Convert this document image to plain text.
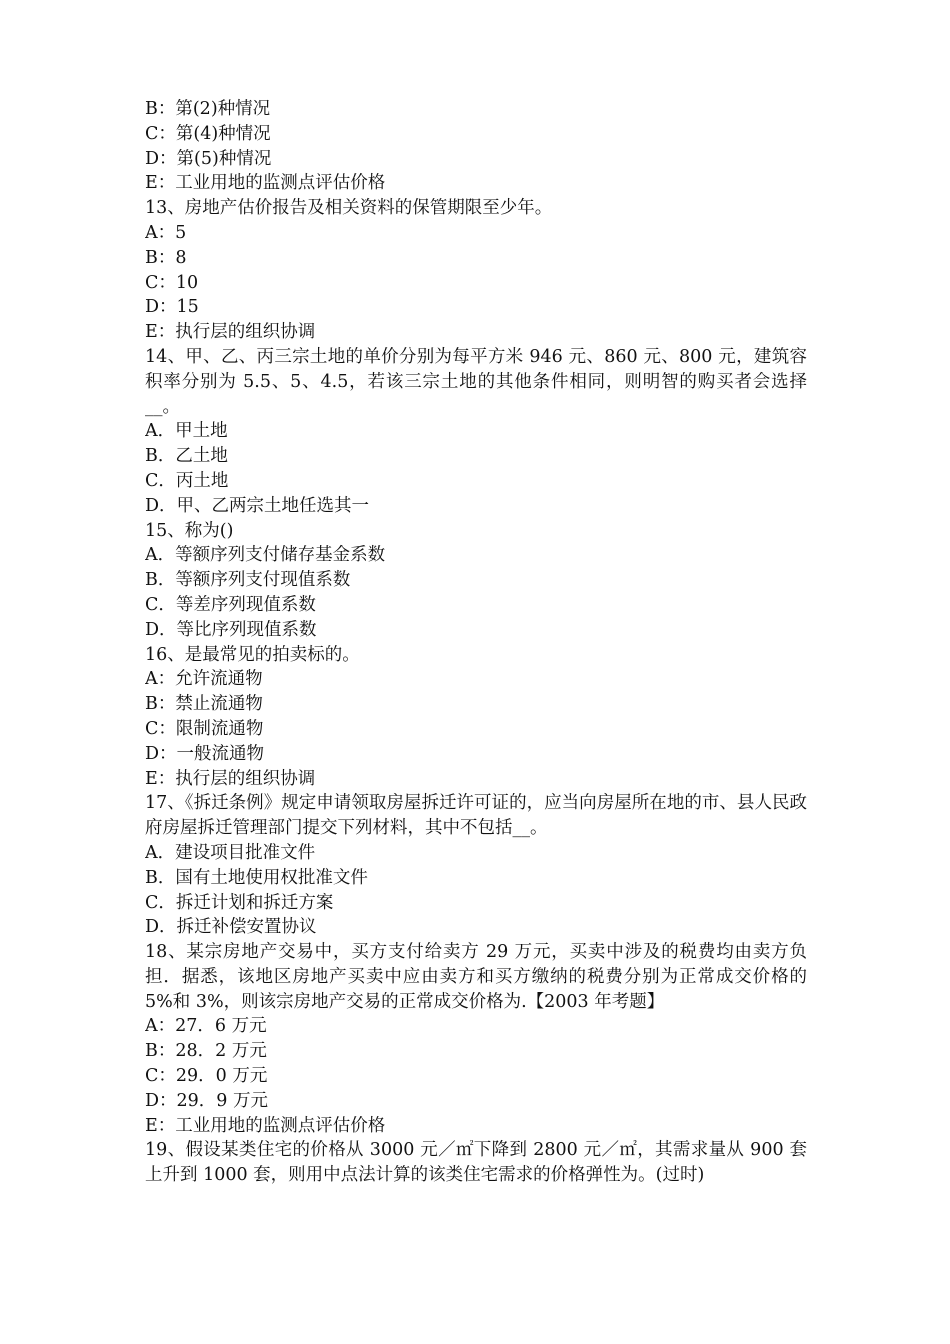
B：第(2)种情况
C：第(4)种情况
D：第(5)种情况
E：工业用地的监测点评估价格
13、房地产估价报告及相关资料的保管期限至少年。
A：5
B：8
C：10
D：15
E：执行层的组织协调
14、甲、乙、丙三宗土地的单价分别为每平方米 946 元、860 元、800 元，建筑容积率分别为 5.5、5、4.5，若该三宗土地的其他条件相同，则明智的购买者会选择__。
A．甲土地
B．乙土地
C．丙土地
D．甲、乙两宗土地任选其一
15、称为()
A．等额序列支付储存基金系数
B．等额序列支付现值系数
C．等差序列现值系数
D．等比序列现值系数
16、是最常见的拍卖标的。
A：允许流通物
B：禁止流通物
C：限制流通物
D：一般流通物
E：执行层的组织协调
17、《拆迁条例》规定申请领取房屋拆迁许可证的，应当向房屋所在地的市、县人民政府房屋拆迁管理部门提交下列材料，其中不包括__。
A．建设项目批准文件
B．国有土地使用权批准文件
C．拆迁计划和拆迁方案
D．拆迁补偿安置协议
18、某宗房地产交易中，买方支付给卖方 29 万元，买卖中涉及的税费均由卖方负担．据悉，该地区房地产买卖中应由卖方和买方缴纳的税费分别为正常成交价格的 5%和 3%，则该宗房地产交易的正常成交价格为.【2003 年考题】
A：27．6 万元
B：28．2 万元
C：29．0 万元
D：29．9 万元
E：工业用地的监测点评估价格
19、假设某类住宅的价格从 3000 元／㎡下降到 2800 元／㎡，其需求量从 900 套上升到 1000 套，则用中点法计算的该类住宅需求的价格弹性为。(过时)
